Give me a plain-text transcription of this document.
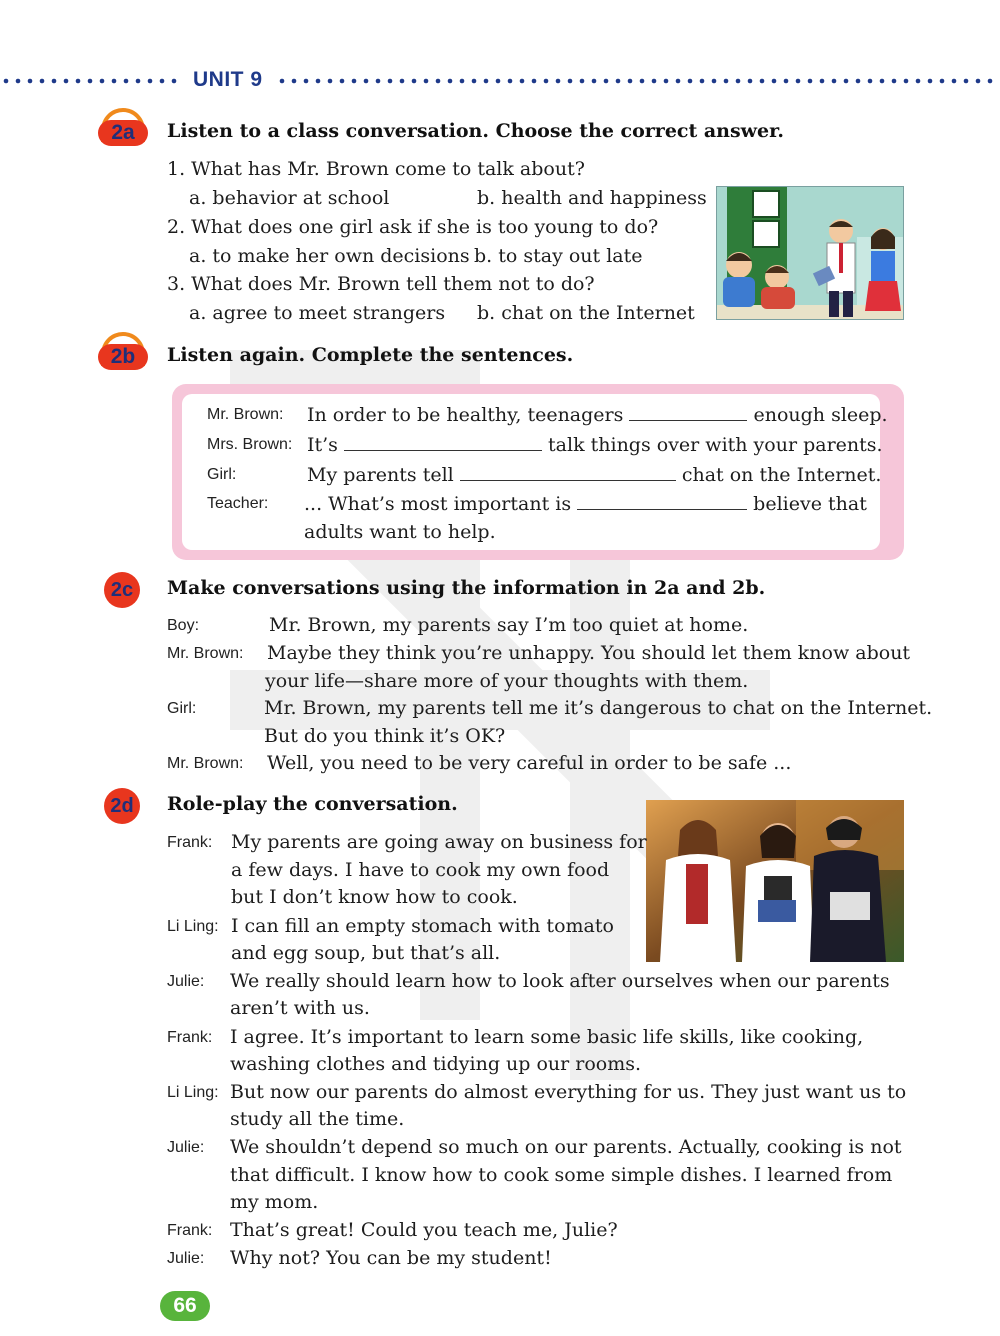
UNIT 9
2a	Listen to a class conversation. Choose the correct answer.
1. What has Mr. Brown come to talk about?
a. behavior at school	b. health and happiness
2. What does one girl ask if she is too young to do?
a. to make her own decisions b. to stay out late
3. What does Mr. Brown tell them not to do?
a. agree to meet strangers b. chat on the Internet
2b	Listen again. Complete the sentences.
Mr. Brown: In order to be healthy, teenagers	enough sleep.
Mrs. Brown: It’s	talk things over with your parents.
Girl:	My parents tell	chat on the Internet.
Teacher: ... What’s most important is	believe that
adults want to help.
2c	Make conversations using the information in 2a and 2b.
Boy:	Mr. Brown, my parents say I’m too quiet at home.
Mr. Brown: Maybe they think you’re unhappy. You should let them know about
your life—share more of your thoughts with them.
Girl:	Mr. Brown, my parents tell me it’s dangerous to chat on the Internet.
But do you think it’s OK?
Mr. Brown: Well, you need to be very careful in order to be safe ...
2d	Role-play the conversation.
Frank: My parents are going away on business for
a few days. I have to cook my own food
but I don’t know how to cook.
Li Ling: I can fill an empty stomach with tomato
and egg soup, but that’s all.
Julie: We really should learn how to look after ourselves when our parents
aren’t with us.
Frank: I agree. It’s important to learn some basic life skills, like cooking,
washing clothes and tidying up our rooms.
Li Ling: But now our parents do almost everything for us. They just want us to
study all the time.
Julie: We shouldn’t depend so much on our parents. Actually, cooking is not
that difficult. I know how to cook some simple dishes. I learned from
my mom.
Frank: That’s great! Could you teach me, Julie?
Julie: Why not? You can be my student!
66
